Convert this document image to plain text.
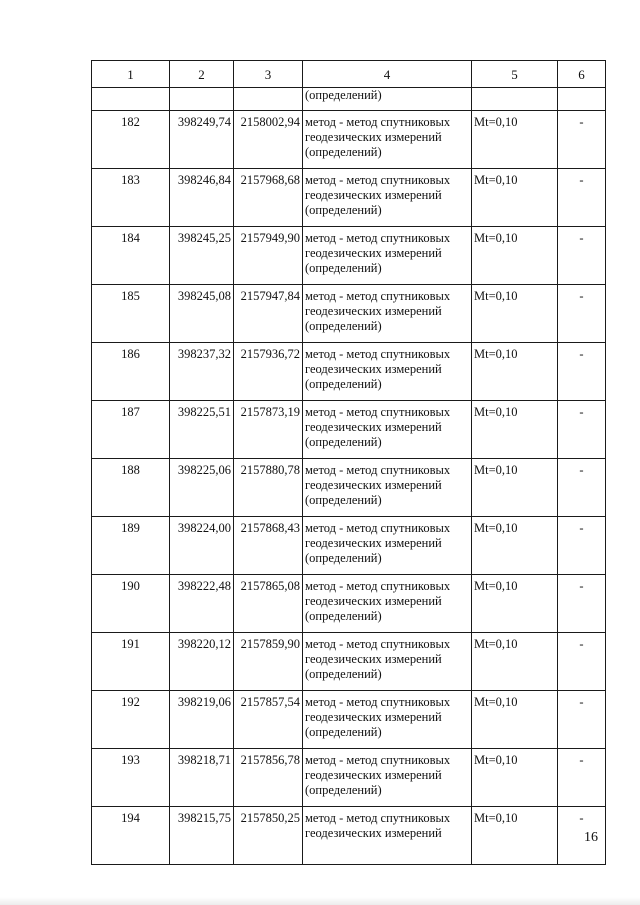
1	2	3	4	5	6
			(определений)		
182	398249,74	2158002,94	метод - метод спутниковых геодезических измерений (определений)	Mt=0,10	-
183	398246,84	2157968,68	метод - метод спутниковых геодезических измерений (определений)	Mt=0,10	-
184	398245,25	2157949,90	метод - метод спутниковых геодезических измерений (определений)	Mt=0,10	-
185	398245,08	2157947,84	метод - метод спутниковых геодезических измерений (определений)	Mt=0,10	-
186	398237,32	2157936,72	метод - метод спутниковых геодезических измерений (определений)	Mt=0,10	-
187	398225,51	2157873,19	метод - метод спутниковых геодезических измерений (определений)	Mt=0,10	-
188	398225,06	2157880,78	метод - метод спутниковых геодезических измерений (определений)	Mt=0,10	-
189	398224,00	2157868,43	метод - метод спутниковых геодезических измерений (определений)	Mt=0,10	-
190	398222,48	2157865,08	метод - метод спутниковых геодезических измерений (определений)	Mt=0,10	-
191	398220,12	2157859,90	метод - метод спутниковых геодезических измерений (определений)	Mt=0,10	-
192	398219,06	2157857,54	метод - метод спутниковых геодезических измерений (определений)	Mt=0,10	-
193	398218,71	2157856,78	метод - метод спутниковых геодезических измерений (определений)	Mt=0,10	-
194	398215,75	2157850,25	метод - метод спутниковых геодезических измерений	Mt=0,10	-
16
